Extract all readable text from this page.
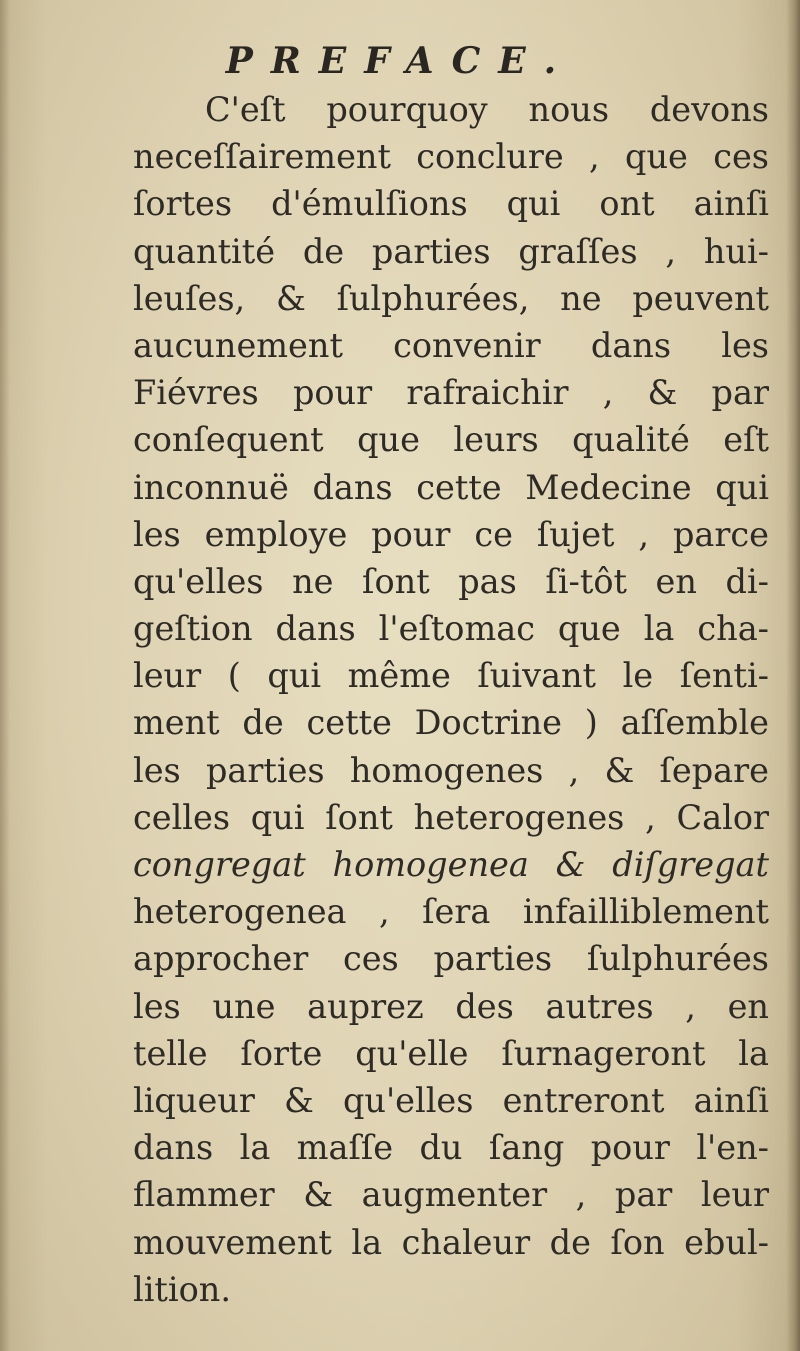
PREFACE.
C'eſt pourquoy nous devons
neceſſairement conclure , que ces
ſortes d'émulſions qui ont ainſi
quantité de parties graſſes , hui-
leuſes, & ſulphurées, ne peuvent
aucunement convenir dans les
Fiévres pour rafraichir , & par
conſequent que leurs qualité eſt
inconnuë dans cette Medecine qui
les employe pour ce ſujet , parce
qu'elles ne ſont pas ſi-tôt en di-
geſtion dans l'eſtomac que la cha-
leur ( qui même ſuivant le ſenti-
ment de cette Doctrine ) aſſemble
les parties homogenes , & ſepare
celles qui ſont heterogenes , Calor
congregat homogenea & diſgregat
heterogenea , ſera infailliblement
approcher ces parties ſulphurées
les une auprez des autres , en
telle ſorte qu'elle ſurnageront la
liqueur & qu'elles entreront ainſi
dans la maſſe du ſang pour l'en-
flammer & augmenter , par leur
mouvement la chaleur de ſon ebul-
lition.
